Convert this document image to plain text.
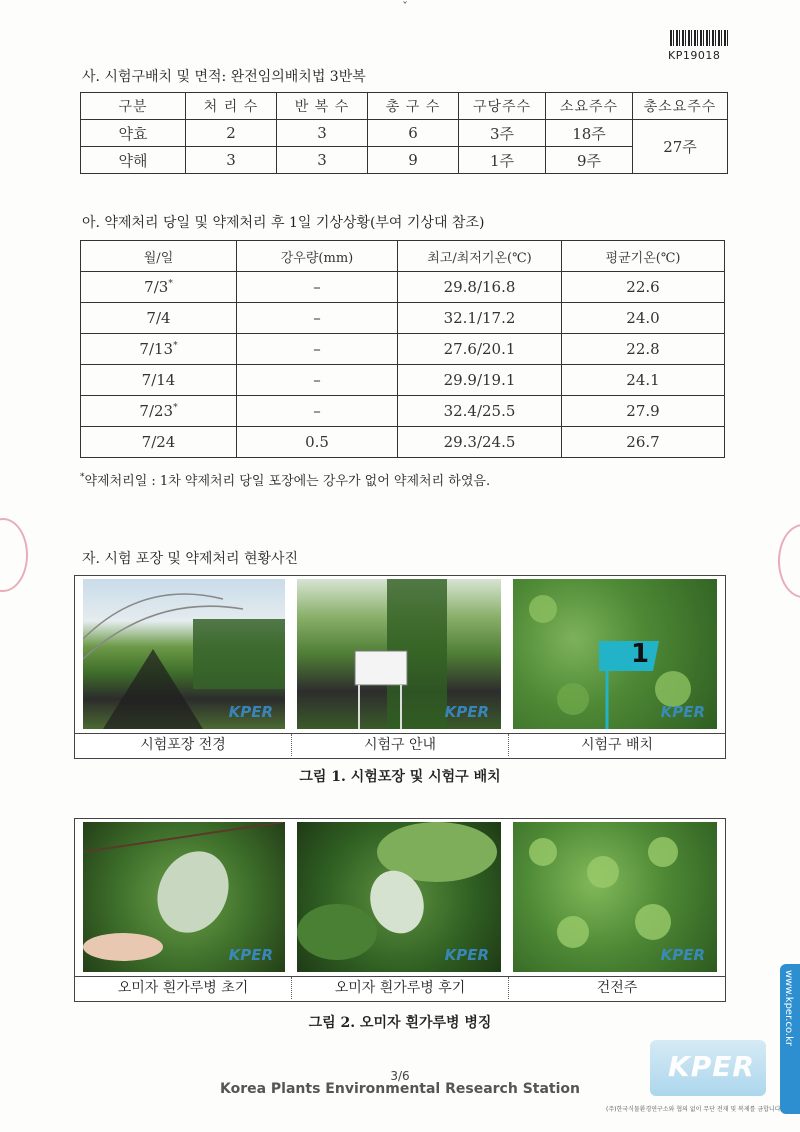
ˇ
KP19018
사. 시험구배치 및 면적: 완전임의배치법 3반복
구분	처 리 수	반 복 수	총 구 수	구당주수	소요주수	총소요주수
약효	2	3	6	3주	18주	27주
약해	3	3	9	1주	9주	
아. 약제처리 당일 및 약제처리 후 1일 기상상황(부여 기상대 참조)
월/일	강우량(mm)	최고/최저기온(℃)	평균기온(℃)
7/3*	–	29.8/16.8	22.6
7/4	–	32.1/17.2	24.0
7/13*	–	27.6/20.1	22.8
7/14	–	29.9/19.1	24.1
7/23*	–	32.4/25.5	27.9
7/24	0.5	29.3/24.5	26.7
*약제처리일 : 1차 약제처리 당일 포장에는 강우가 없어 약제처리 하였음.
자. 시험 포장 및 약제처리 현황사진
KPER	KPER
1
KPER
시험포장 전경	시험구 안내	시험구 배치
그림 1. 시험포장 및 시험구 배치
KPER	KPER	KPER
오미자 흰가루병 초기	오미자 흰가루병 후기	건전주
그림 2. 오미자 흰가루병 병징	www.kper.co.kr
KPER
3/6
Korea Plants Environmental Research Station
(주)한국식물환경연구소와 협의 없이 무단 전재 및 복제를 금합니다.
